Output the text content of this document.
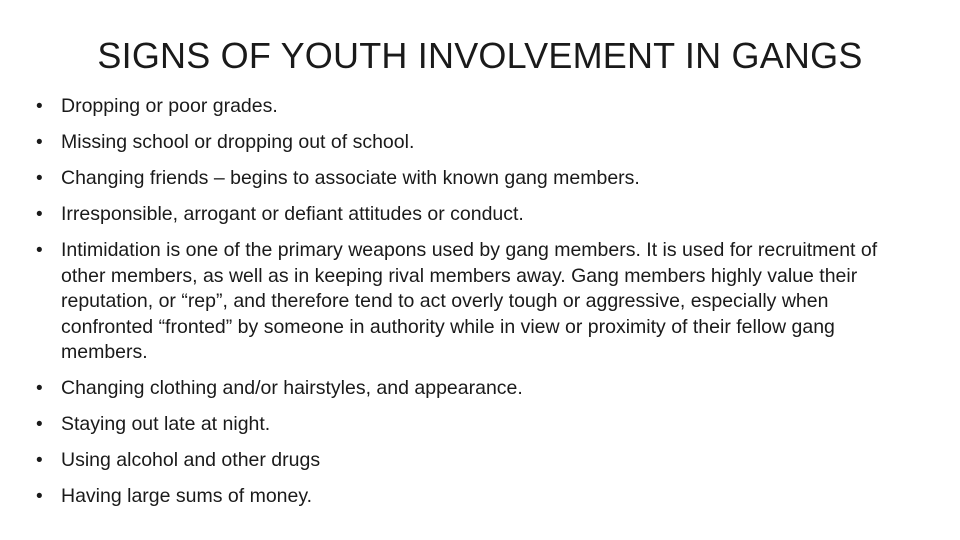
SIGNS OF YOUTH INVOLVEMENT IN GANGS
• Dropping or poor grades.
• Missing school or dropping out of school.
• Changing friends – begins to associate with known gang members.
• Irresponsible, arrogant or defiant attitudes or conduct.
• Intimidation is one of the primary weapons used by gang members. It is used for recruitment of other members, as well as in keeping rival members away. Gang members highly value their reputation, or “rep”, and therefore tend to act overly tough or aggressive, especially when confronted “fronted” by someone in authority while in view or proximity of their fellow gang members.
• Changing clothing and/or hairstyles, and appearance.
• Staying out late at night.
• Using alcohol and other drugs
• Having large sums of money.
